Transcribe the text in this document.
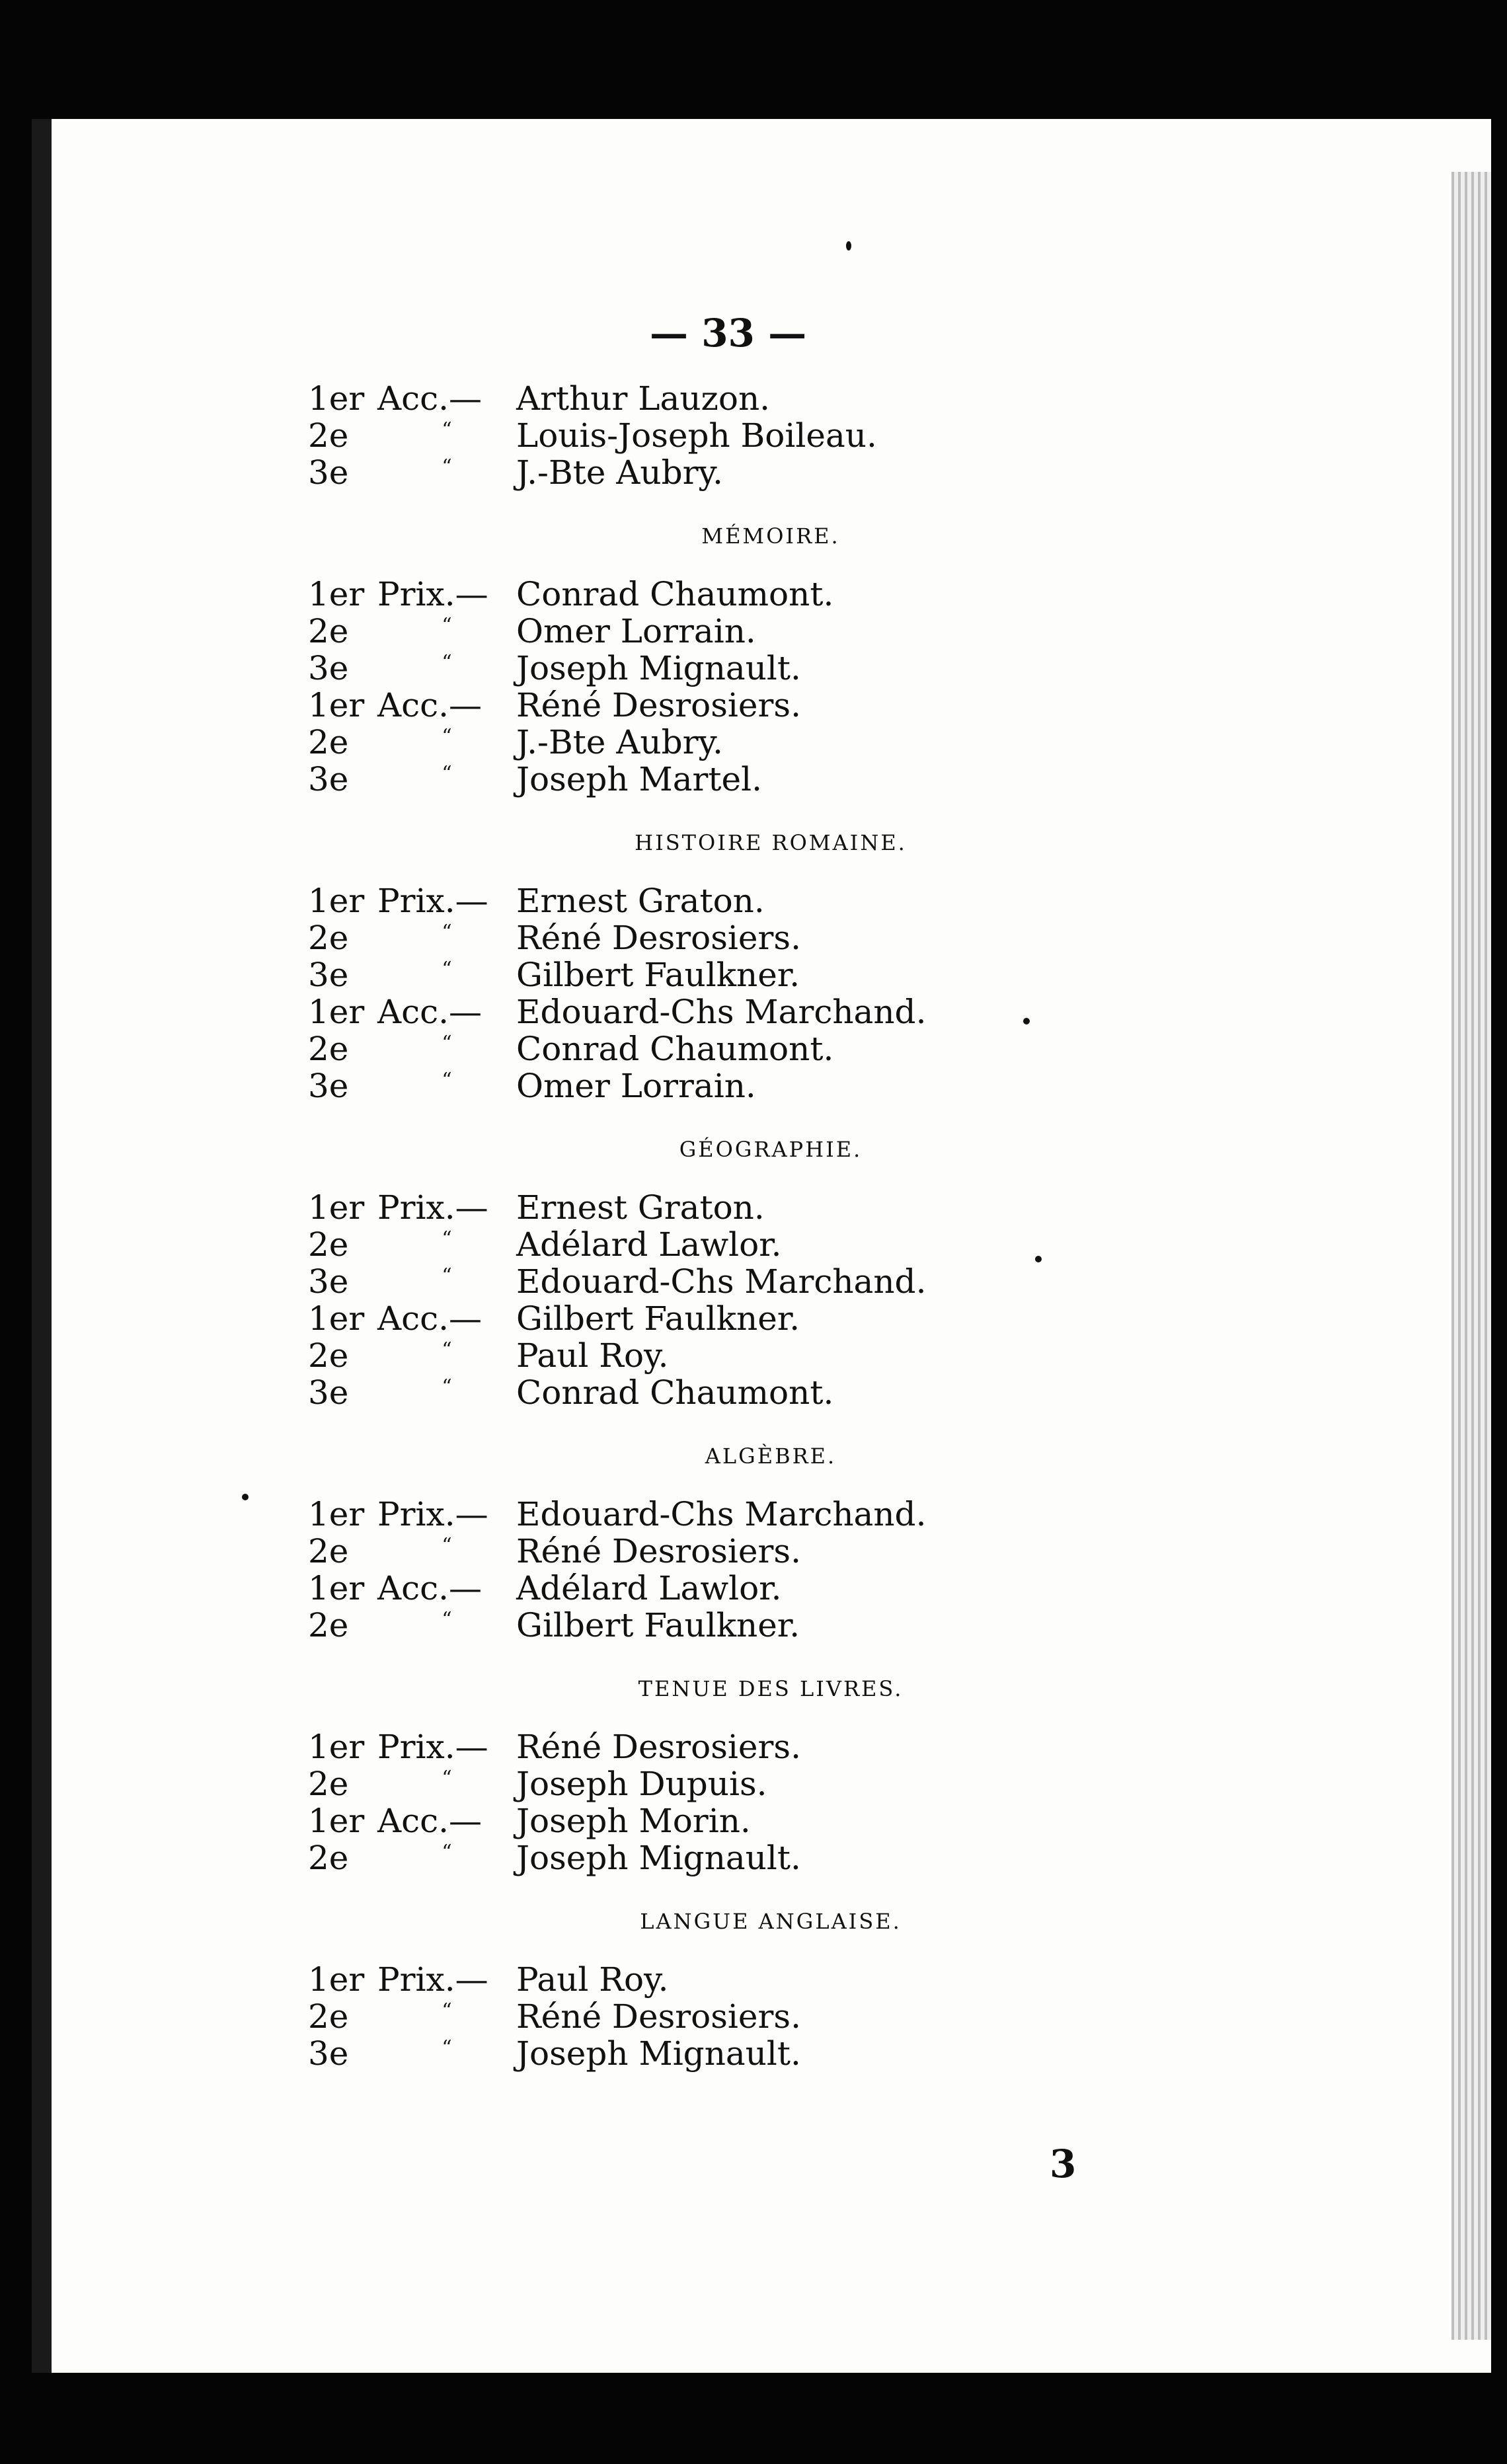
— 33 —
1er Acc.— Arthur Lauzon.
2e	“ Louis-Joseph Boileau.
3e	“ J.-Bte Aubry.
MÉMOIRE.
1er Prix.— Conrad Chaumont.
2e	“ Omer Lorrain.
3e	“ Joseph Mignault.
1er Acc.— Réné Desrosiers.
2e	“ J.-Bte Aubry.
3e	“ Joseph Martel.
HISTOIRE ROMAINE.
1er Prix.— Ernest Graton.
2e	“ Réné Desrosiers.
3e	“ Gilbert Faulkner.
1er Acc.— Edouard-Chs Marchand.
2e	“ Conrad Chaumont.
3e	“ Omer Lorrain.
GÉOGRAPHIE.
1er Prix.— Ernest Graton.
2e	“ Adélard Lawlor.
3e	“ Edouard-Chs Marchand.
1er Acc.— Gilbert Faulkner.
2e	“ Paul Roy.
3e	“ Conrad Chaumont.
ALGÈBRE.
1er Prix.— Edouard-Chs Marchand.
2e	“ Réné Desrosiers.
1er Acc.— Adélard Lawlor.
2e	“ Gilbert Faulkner.
TENUE DES LIVRES.
1er Prix.— Réné Desrosiers.
2e	“ Joseph Dupuis.
1er Acc.— Joseph Morin.
2e	“ Joseph Mignault.
LANGUE ANGLAISE.
1er Prix.— Paul Roy.
2e	“ Réné Desrosiers.
3e	“ Joseph Mignault.
3
